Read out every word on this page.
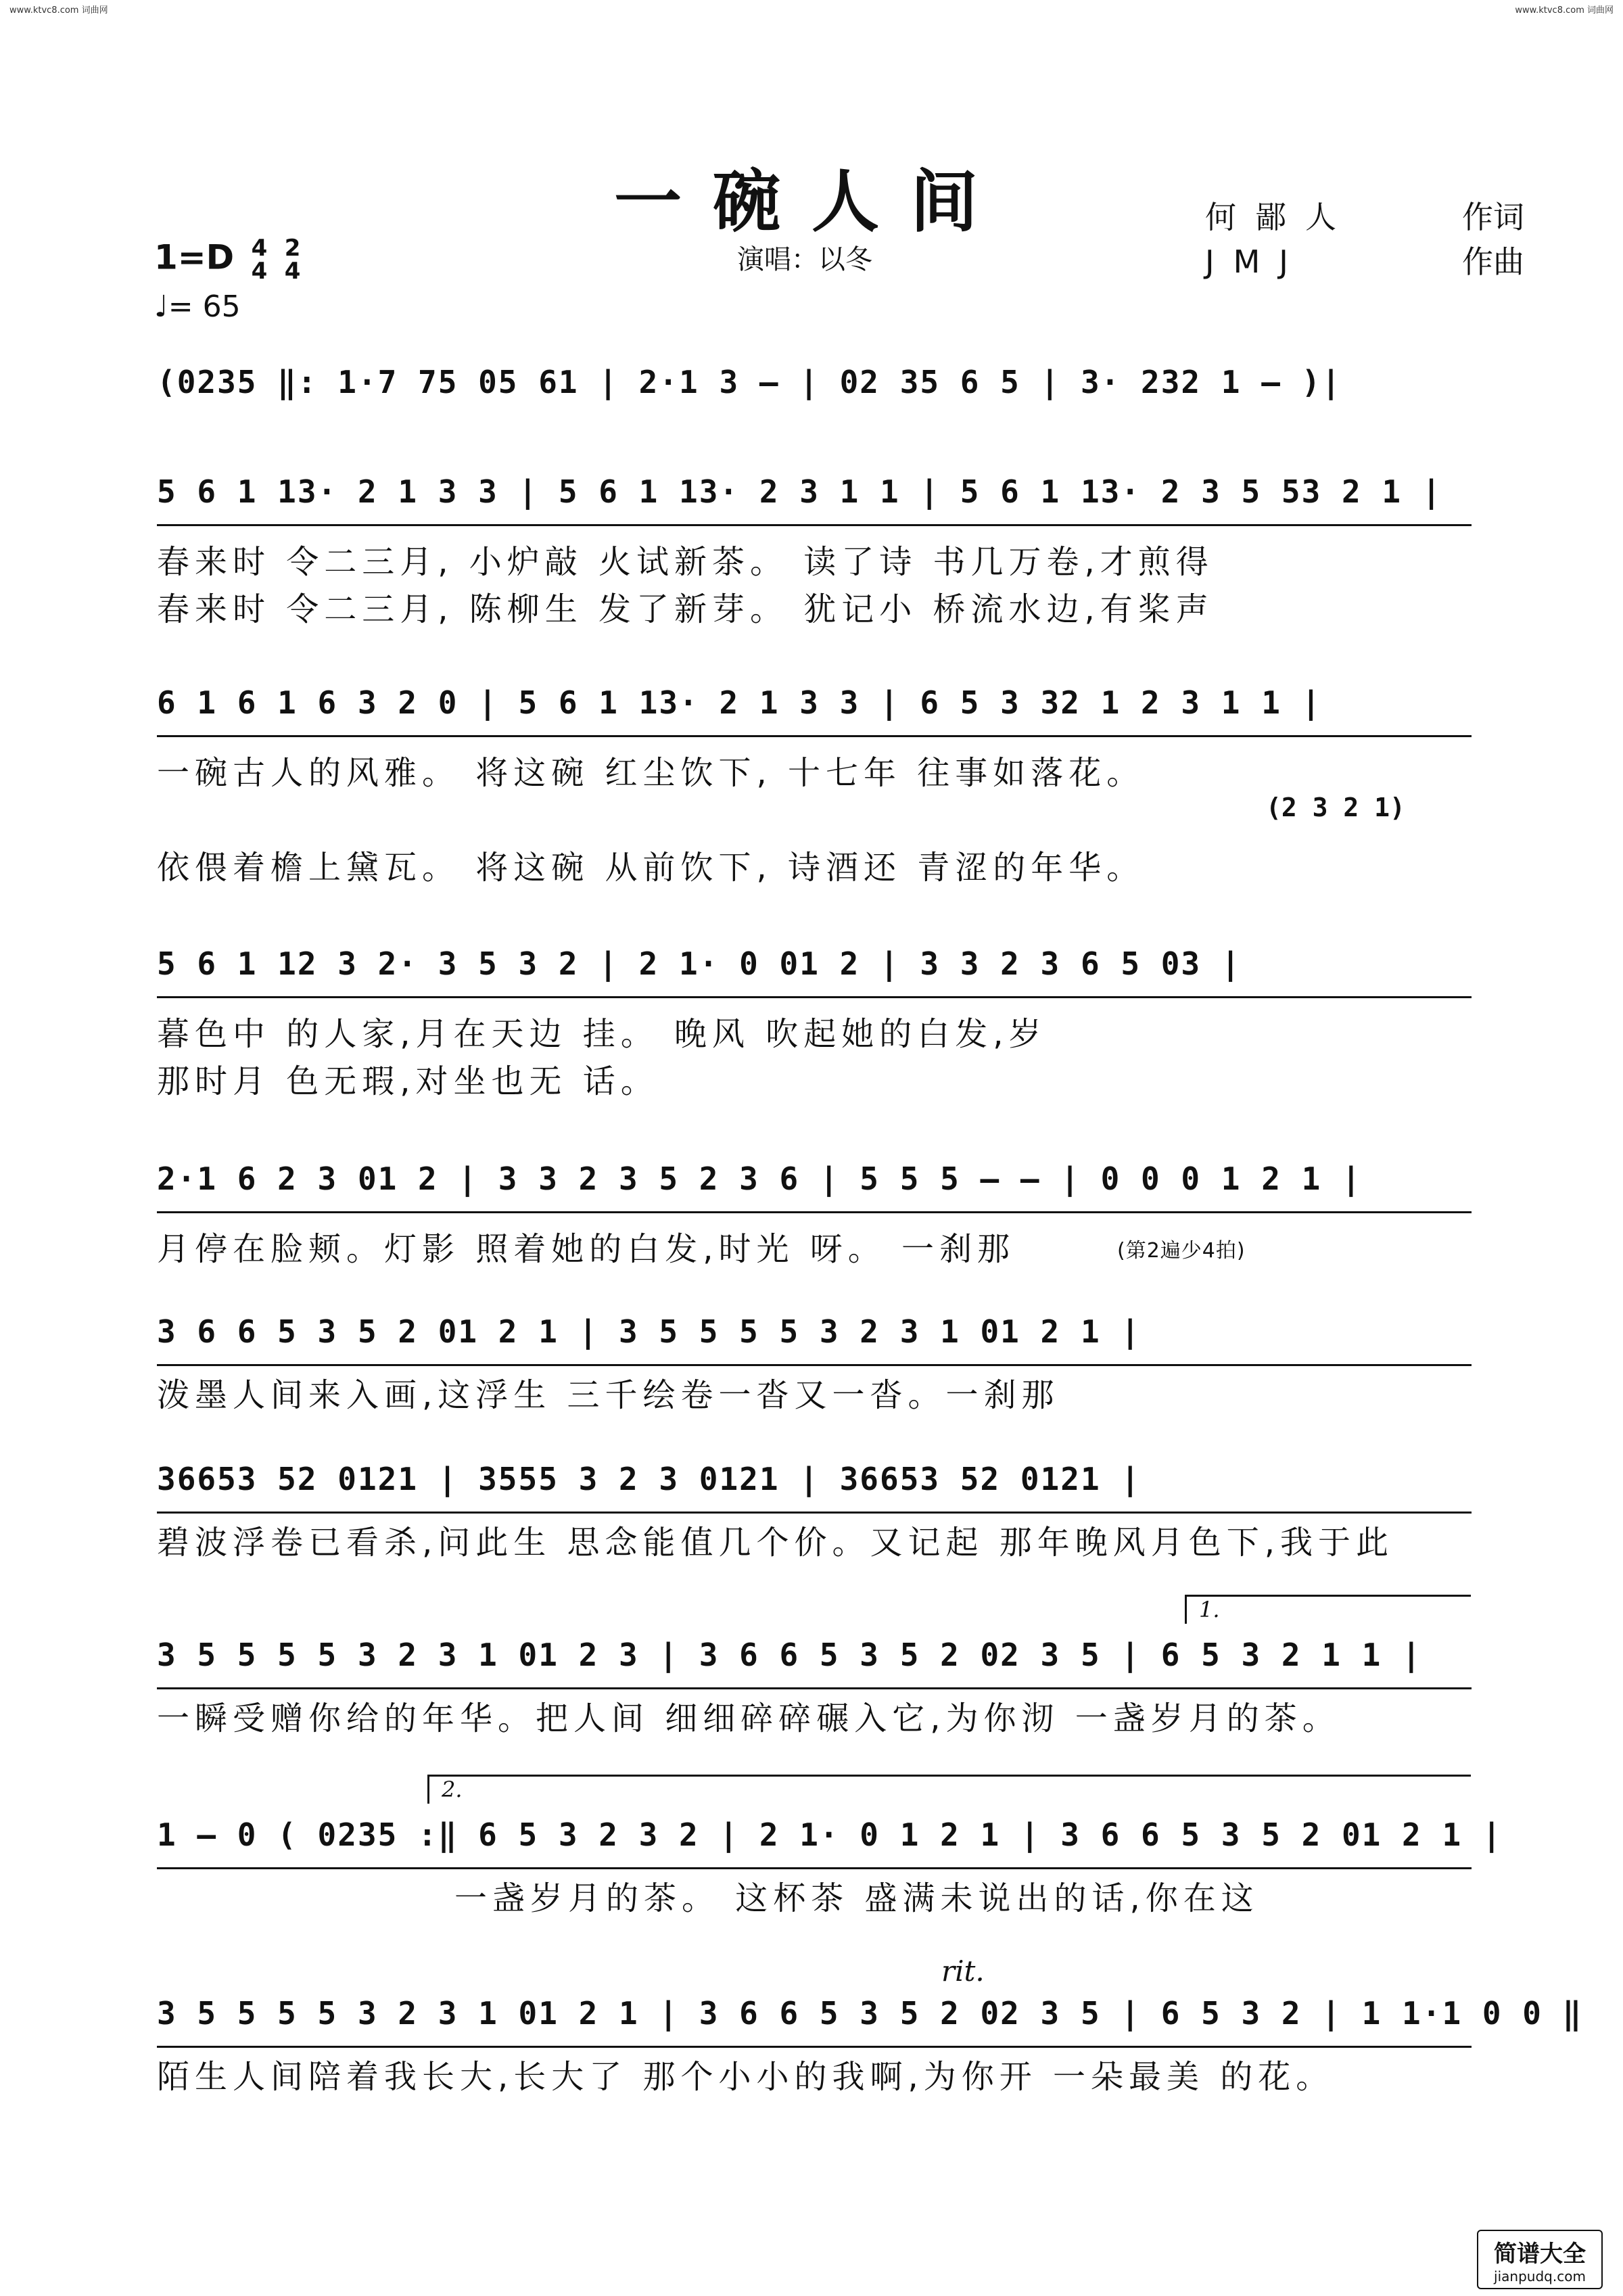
www.ktvc8.com 词曲网	www.ktvc8.com 词曲网
一碗人间
演唱：以冬
何鄙人	作词
JMJ	作曲
1=D 4
4

2
4
♩= 65
(0235 ‖: 1·7 75 05 61 | 2·1 3 – | 02 35 6 5 | 3· 232 1 – )|
5 6 1 13· 2 1 3 3 | 5 6 1 13· 2 3 1 1 | 5 6 1 13· 2 3 5 53 2 1 |
春来时 令二三月, 小炉敲 火试新茶。 读了诗 书几万卷,才煎得
春来时 令二三月, 陈柳生 发了新芽。 犹记小 桥流水边,有桨声
6 1 6 1 6 3 2 0 | 5 6 1 13· 2 1 3 3 | 6 5 3 32 1 2 3 1 1 |
一碗古人的风雅。 将这碗 红尘饮下, 十七年 往事如落花。
(2 3 2 1)
依偎着檐上黛瓦。 将这碗 从前饮下, 诗酒还 青涩的年华。
5 6 1 12 3 2· 3 5 3 2 | 2 1· 0 01 2 | 3 3 2 3 6 5 03 |
暮色中 的人家,月在天边 挂。 晚风 吹起她的白发,岁
那时月 色无瑕,对坐也无 话。
2·1 6 2 3 01 2 | 3 3 2 3 5 2 3 6 | 5 5 5 – – | 0 0 0 1 2 1 |
月停在脸颊。灯影 照着她的白发,时光 呀。 一刹那	(第2遍少4拍)
3 6 6 5 3 5 2 01 2 1 | 3 5 5 5 5 3 2 3 1 01 2 1 |
泼墨人间来入画,这浮生 三千绘卷一沓又一沓。一刹那
36653 52 0121 | 3555 3 2 3 0121 | 36653 52 0121 |
碧波浮卷已看杀,问此生 思念能值几个价。又记起 那年晚风月色下,我于此
1.
3 5 5 5 5 3 2 3 1 01 2 3 | 3 6 6 5 3 5 2 02 3 5 | 6 5 3 2 1 1 |
一瞬受赠你给的年华。把人间 细细碎碎碾入它,为你沏 一盏岁月的茶。
2.
1 – 0 ( 0235 :‖ 6 5 3 2 3 2 | 2 1· 0 1 2 1 | 3 6 6 5 3 5 2 01 2 1 |
一盏岁月的茶。 这杯茶 盛满未说出的话,你在这
rit.
3 5 5 5 5 3 2 3 1 01 2 1 | 3 6 6 5 3 5 2 02 3 5 | 6 5 3 2 | 1 1·1 0 0 ‖
陌生人间陪着我长大,长大了 那个小小的我啊,为你开 一朵最美 的花。
简谱大全
jianpudq.com
